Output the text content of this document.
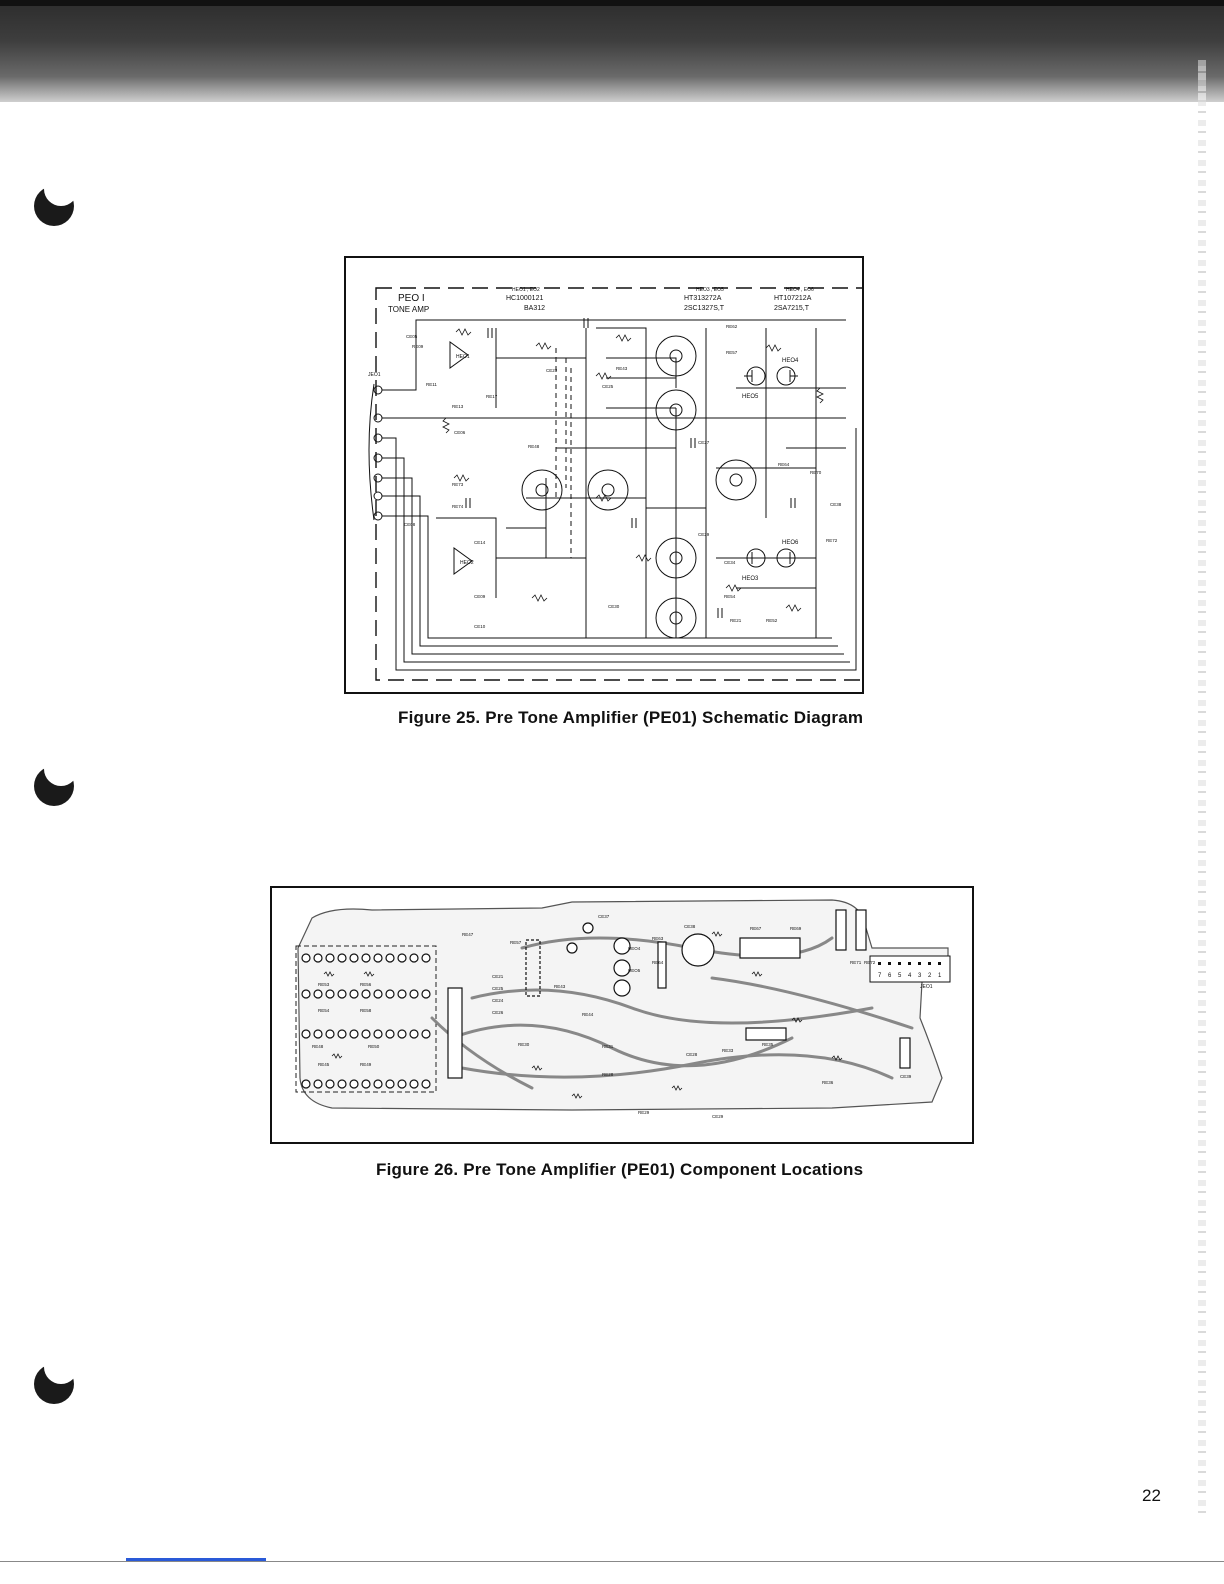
PEO I
TONE AMP
HEO1 , EO2
HC1000121
BA312
HEO3 , EO5
HT313272A
2SC1327S,T
HEO4 , EO6
HT107212A
2SA7215,T
JEO1
HEO1
HEO2
HEO5
HEO4
HEO3
HEO6
CE05
CE06
CE08
CE09
CE10
CE14
CE23
CE25
CE27
CE29
CE30
CE34
CE38
RE09
RE11
RE13
RE17
RE43
RE48
RE57
RE62
RE64
RE70
RE72
RE73
RE74
RE21	RE52
RE54
Figure 25. Pre Tone Amplifier (PE01) Schematic Diagram
7 6 5 4 3 2 1
JEO1
CE37
CE38
RE63
RE64
RE67	RE69
HEO4
HEO5
RE57
RE47
RE56
RE58
RE53
RE54
RE45
RE43
RE44
RE48
RE49
RE50
CE21
CE25
CE24
CE26
CE28
CE29
RE71 RE72
CE39
RE33
RE35
RE36
RE30
RE28
RE29
RE31
Figure 26. Pre Tone Amplifier (PE01) Component Locations
22
